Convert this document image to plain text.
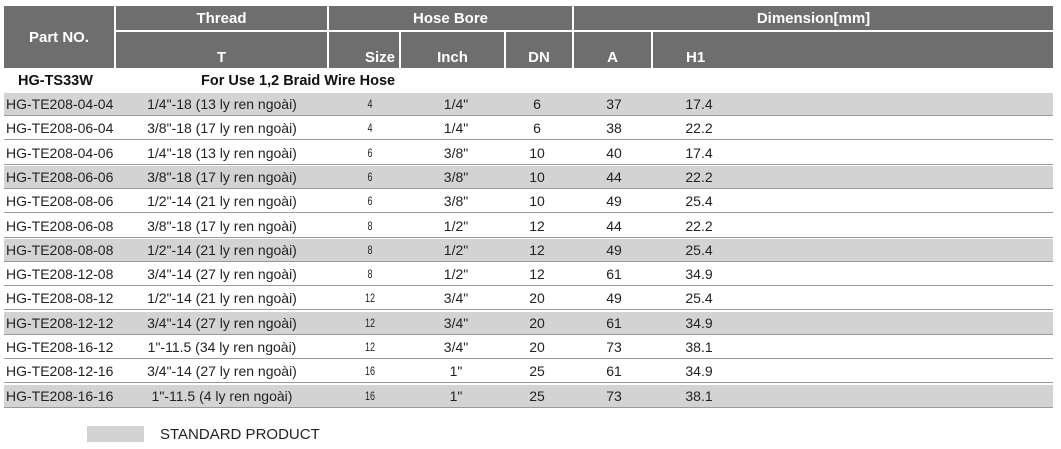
Part NO.
Thread	Hose Bore	Dimension[mm]
T	Size	Inch	DN	A	H1
HG-TS33W	For Use 1,2 Braid Wire Hose
HG-TE208-04-04	1/4"-18 (13 ly ren ngoài)	4	1/4"	6	37	17.4
HG-TE208-06-04	3/8"-18 (17 ly ren ngoài)	4	1/4"	6	38	22.2
HG-TE208-04-06	1/4"-18 (13 ly ren ngoài)	6	3/8"	10	40	17.4
HG-TE208-06-06	3/8"-18 (17 ly ren ngoài)	6	3/8"	10	44	22.2
HG-TE208-08-06	1/2"-14 (21 ly ren ngoài)	6	3/8"	10	49	25.4
HG-TE208-06-08	3/8"-18 (17 ly ren ngoài)	8	1/2"	12	44	22.2
HG-TE208-08-08	1/2"-14 (21 ly ren ngoài)	8	1/2"	12	49	25.4
HG-TE208-12-08	3/4"-14 (27 ly ren ngoài)	8	1/2"	12	61	34.9
HG-TE208-08-12	1/2"-14 (21 ly ren ngoài)	12	3/4"	20	49	25.4
HG-TE208-12-12	3/4"-14 (27 ly ren ngoài)	12	3/4"	20	61	34.9
HG-TE208-16-12	1"-11.5 (34 ly ren ngoài)	12	3/4"	20	73	38.1
HG-TE208-12-16	3/4"-14 (27 ly ren ngoài)	16	1"	25	61	34.9
HG-TE208-16-16	1"-11.5 (4 ly ren ngoài)	16	1"	25	73	38.1
STANDARD PRODUCT
